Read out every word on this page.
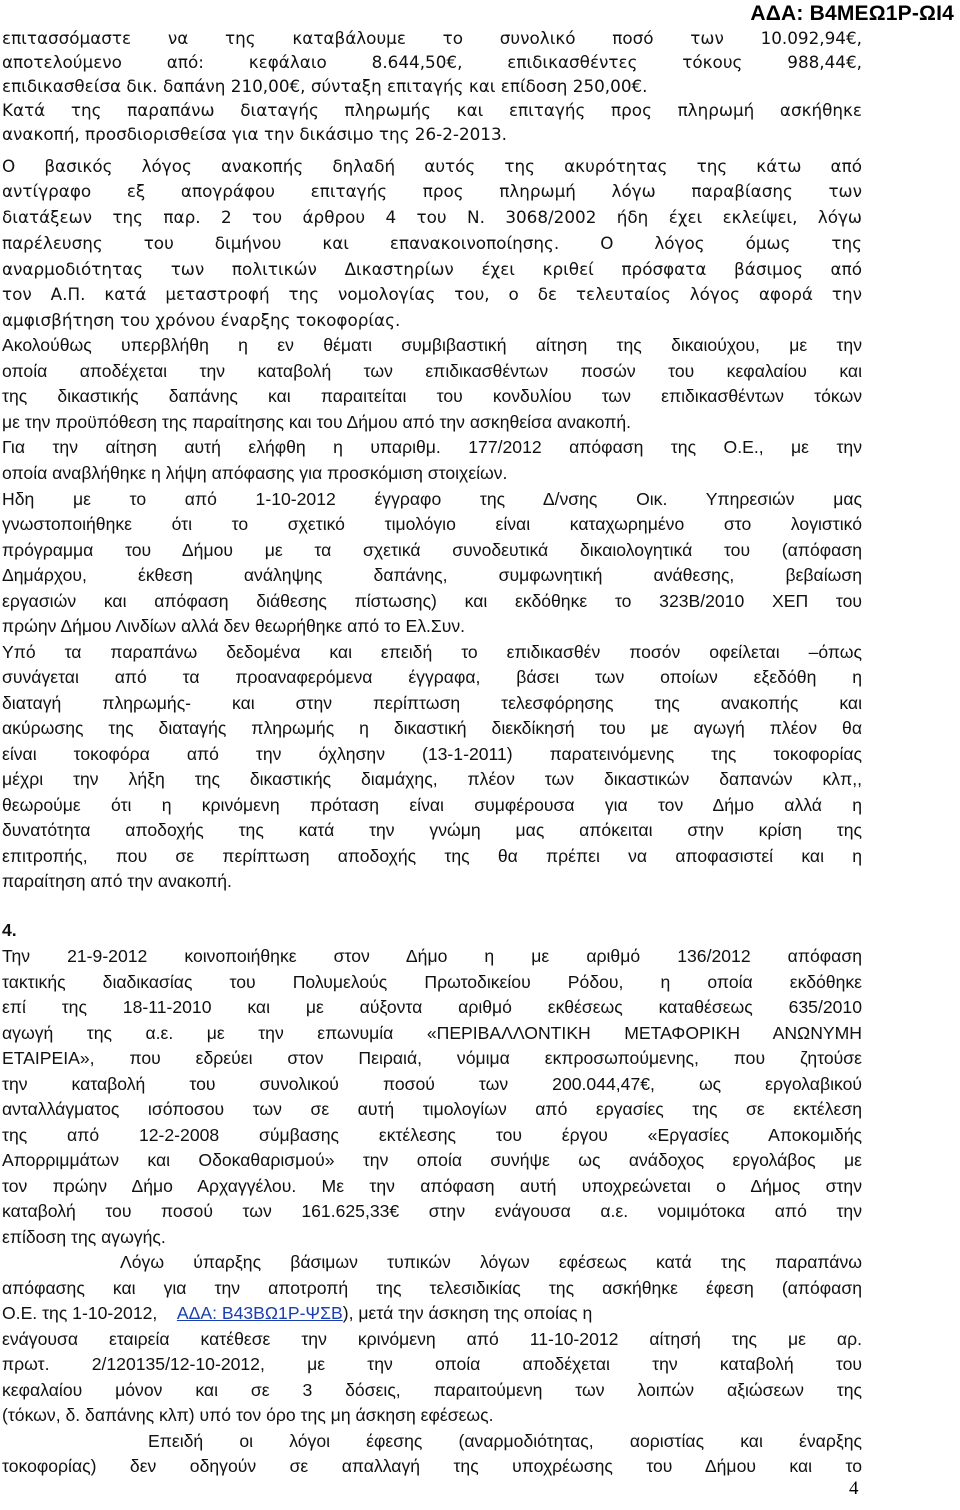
ΑΔΑ: Β4ΜΕΩ1Ρ-ΩΙ4
επιτασσόμαστε να της καταβάλουμε το συνολικό ποσό των 10.092,94€,
αποτελούμενο από: κεφάλαιο 8.644,50€, επιδικασθέντες τόκους 988,44€,
επιδικασθείσα δικ. δαπάνη 210,00€, σύνταξη επιταγής και επίδοση 250,00€.
Κατά της παραπάνω διαταγής πληρωμής και επιταγής προς πληρωμή ασκήθηκε
ανακοπή, προσδιορισθείσα για την δικάσιμο της 26-2-2013.
Ο βασικός λόγος ανακοπής δηλαδή αυτός της ακυρότητας της κάτω από
αντίγραφο εξ απογράφου επιταγής προς πληρωμή λόγω παραβίασης των
διατάξεων της παρ. 2 του άρθρου 4 του Ν. 3068/2002 ήδη έχει εκλείψει, λόγω
παρέλευσης του διμήνου και επανακοινοποίησης. Ο λόγος όμως της
αναρμοδιότητας των πολιτικών Δικαστηρίων έχει κριθεί πρόσφατα βάσιμος από
τον Α.Π. κατά μεταστροφή της νομολογίας του, ο δε τελευταίος λόγος αφορά την
αμφισβήτηση του χρόνου έναρξης τοκοφορίας.
Ακολούθως υπερβλήθη η εν θέματι συμβιβαστική αίτηση της δικαιούχου, με την
οποία αποδέχεται την καταβολή των επιδικασθέντων ποσών του κεφαλαίου και
της δικαστικής δαπάνης και παραιτείται του κονδυλίου των επιδικασθέντων τόκων
με την προϋπόθεση της παραίτησης και του Δήμου από την ασκηθείσα ανακοπή.
Για την αίτηση αυτή ελήφθη η υπαριθμ. 177/2012 απόφαση της Ο.Ε., με την
οποία αναβλήθηκε η λήψη απόφασης για προσκόμιση στοιχείων.
Ηδη με το από 1-10-2012 έγγραφο της Δ/νσης Οικ. Υπηρεσιών μας
γνωστοποιήθηκε ότι το σχετικό τιμολόγιο είναι καταχωρημένο στο λογιστικό
πρόγραμμα του Δήμου με τα σχετικά συνοδευτικά δικαιολογητικά του (απόφαση
Δημάρχου, έκθεση ανάληψης δαπάνης, συμφωνητική ανάθεσης, βεβαίωση
εργασιών και απόφαση διάθεσης πίστωσης) και εκδόθηκε το 323Β/2010 ΧΕΠ του
πρώην Δήμου Λινδίων αλλά δεν θεωρήθηκε από το Ελ.Συν.
Υπό τα παραπάνω δεδομένα και επειδή το επιδικασθέν ποσόν οφείλεται –όπως
συνάγεται από τα προαναφερόμενα έγγραφα, βάσει των οποίων εξεδόθη η
διαταγή πληρωμής- και στην περίπτωση τελεσφόρησης της ανακοπής και
ακύρωσης της διαταγής πληρωμής η δικαστική διεκδίκησή του με αγωγή πλέον θα
είναι τοκοφόρα από την όχλησην (13-1-2011) παρατεινόμενης της τοκοφορίας
μέχρι την λήξη της δικαστικής διαμάχης, πλέον των δικαστικών δαπανών κλπ,,
θεωρούμε ότι η κρινόμενη πρόταση είναι συμφέρουσα για τον Δήμο αλλά η
δυνατότητα αποδοχής της κατά την γνώμη μας απόκειται στην κρίση της
επιτροπής, που σε περίπτωση αποδοχής της θα πρέπει να αποφασιστεί και η
παραίτηση από την ανακοπή.
4.
Την 21-9-2012 κοινοποιήθηκε στον Δήμο η με αριθμό 136/2012 απόφαση
τακτικής διαδικασίας του Πολυμελούς Πρωτοδικείου Ρόδου, η οποία εκδόθηκε
επί της 18-11-2010 και με αύξοντα αριθμό εκθέσεως καταθέσεως 635/2010
αγωγή της α.ε. με την επωνυμία «ΠΕΡΙΒΑΛΛΟΝΤΙΚΗ ΜΕΤΑΦΟΡΙΚΗ ΑΝΩΝΥΜΗ
ΕΤΑΙΡΕΙΑ», που εδρεύει στον Πειραιά, νόμιμα εκπροσωπούμενης, που ζητούσε
την καταβολή του συνολικού ποσού των 200.044,47€, ως εργολαβικού
ανταλλάγματος ισόποσου των σε αυτή τιμολογίων από εργασίες της σε εκτέλεση
της από 12-2-2008 σύμβασης εκτέλεσης του έργου «Εργασίες Αποκομιδής
Απορριμμάτων και Οδοκαθαρισμού» την οποία συνήψε ως ανάδοχος εργολάβος με
τον πρώην Δήμο Αρχαγγέλου. Με την απόφαση αυτή υποχρεώνεται ο Δήμος στην
καταβολή του ποσού των 161.625,33€ στην ενάγουσα α.ε. νομιμότοκα από την
επίδοση της αγωγής.
Λόγω ύπαρξης βάσιμων τυπικών λόγων εφέσεως κατά της παραπάνω
απόφασης και για την αποτροπή της τελεσιδικίας της ασκήθηκε έφεση (απόφαση
Ο.Ε. της 1-10-2012, ΑΔΑ: Β43ΒΩ1Ρ-ΨΣΒ), μετά την άσκηση της οποίας η
ενάγουσα εταιρεία κατέθεσε την κρινόμενη από 11-10-2012 αίτησή της με αρ.
πρωτ. 2/120135/12-10-2012, με την οποία αποδέχεται την καταβολή του
κεφαλαίου μόνον και σε 3 δόσεις, παραιτούμενη των λοιπών αξιώσεων της
(τόκων, δ. δαπάνης κλπ) υπό τον όρο της μη άσκηση εφέσεως.
Επειδή οι λόγοι έφεσης (αναρμοδιότητας, αοριστίας και έναρξης
τοκοφορίας) δεν οδηγούν σε απαλλαγή της υποχρέωσης του Δήμου και το
4
